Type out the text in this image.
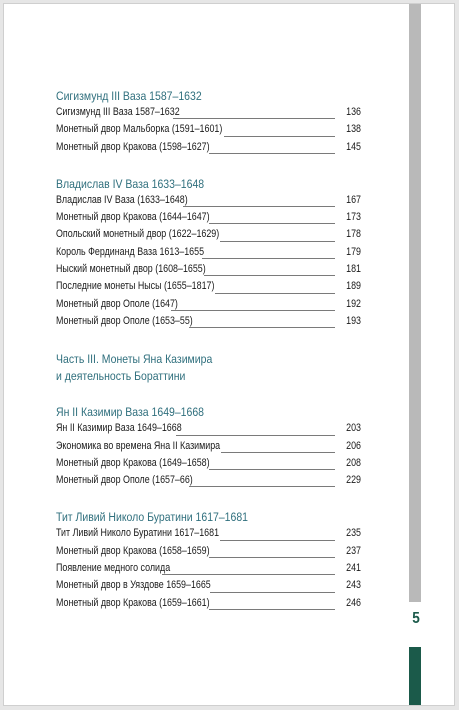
5
Сигизмунд III Ваза 1587–1632
Сигизмунд III Ваза 1587–1632	136
Монетный двор Мальборка (1591–1601)	138
Монетный двор Кракова (1598–1627)	145
Владислав IV Ваза 1633–1648
Владислав IV Ваза (1633–1648)	167
Монетный двор Кракова (1644–1647)	173
Опольский монетный двор (1622–1629)	178
Король Фердинанд Ваза 1613–1655	179
Ныский монетный двор (1608–1655)	181
Последние монеты Нысы (1655–1817)	189
Монетный двор Ополе (1647)	192
Монетный двор Ополе (1653–55)	193
Часть III. Монеты Яна Казимира
и деятельность Бораттини
Ян II Казимир Ваза 1649–1668
Ян II Казимир Ваза 1649–1668	203
Экономика во времена Яна II Казимира	206
Монетный двор Кракова (1649–1658)	208
Монетный двор Ополе (1657–66)	229
Тит Ливий Николо Буратини 1617–1681
Тит Ливий Николо Буратини 1617–1681	235
Монетный двор Кракова (1658–1659)	237
Появление медного солида	241
Монетный двор в Уяздове 1659–1665	243
Монетный двор Кракова (1659–1661)	246
